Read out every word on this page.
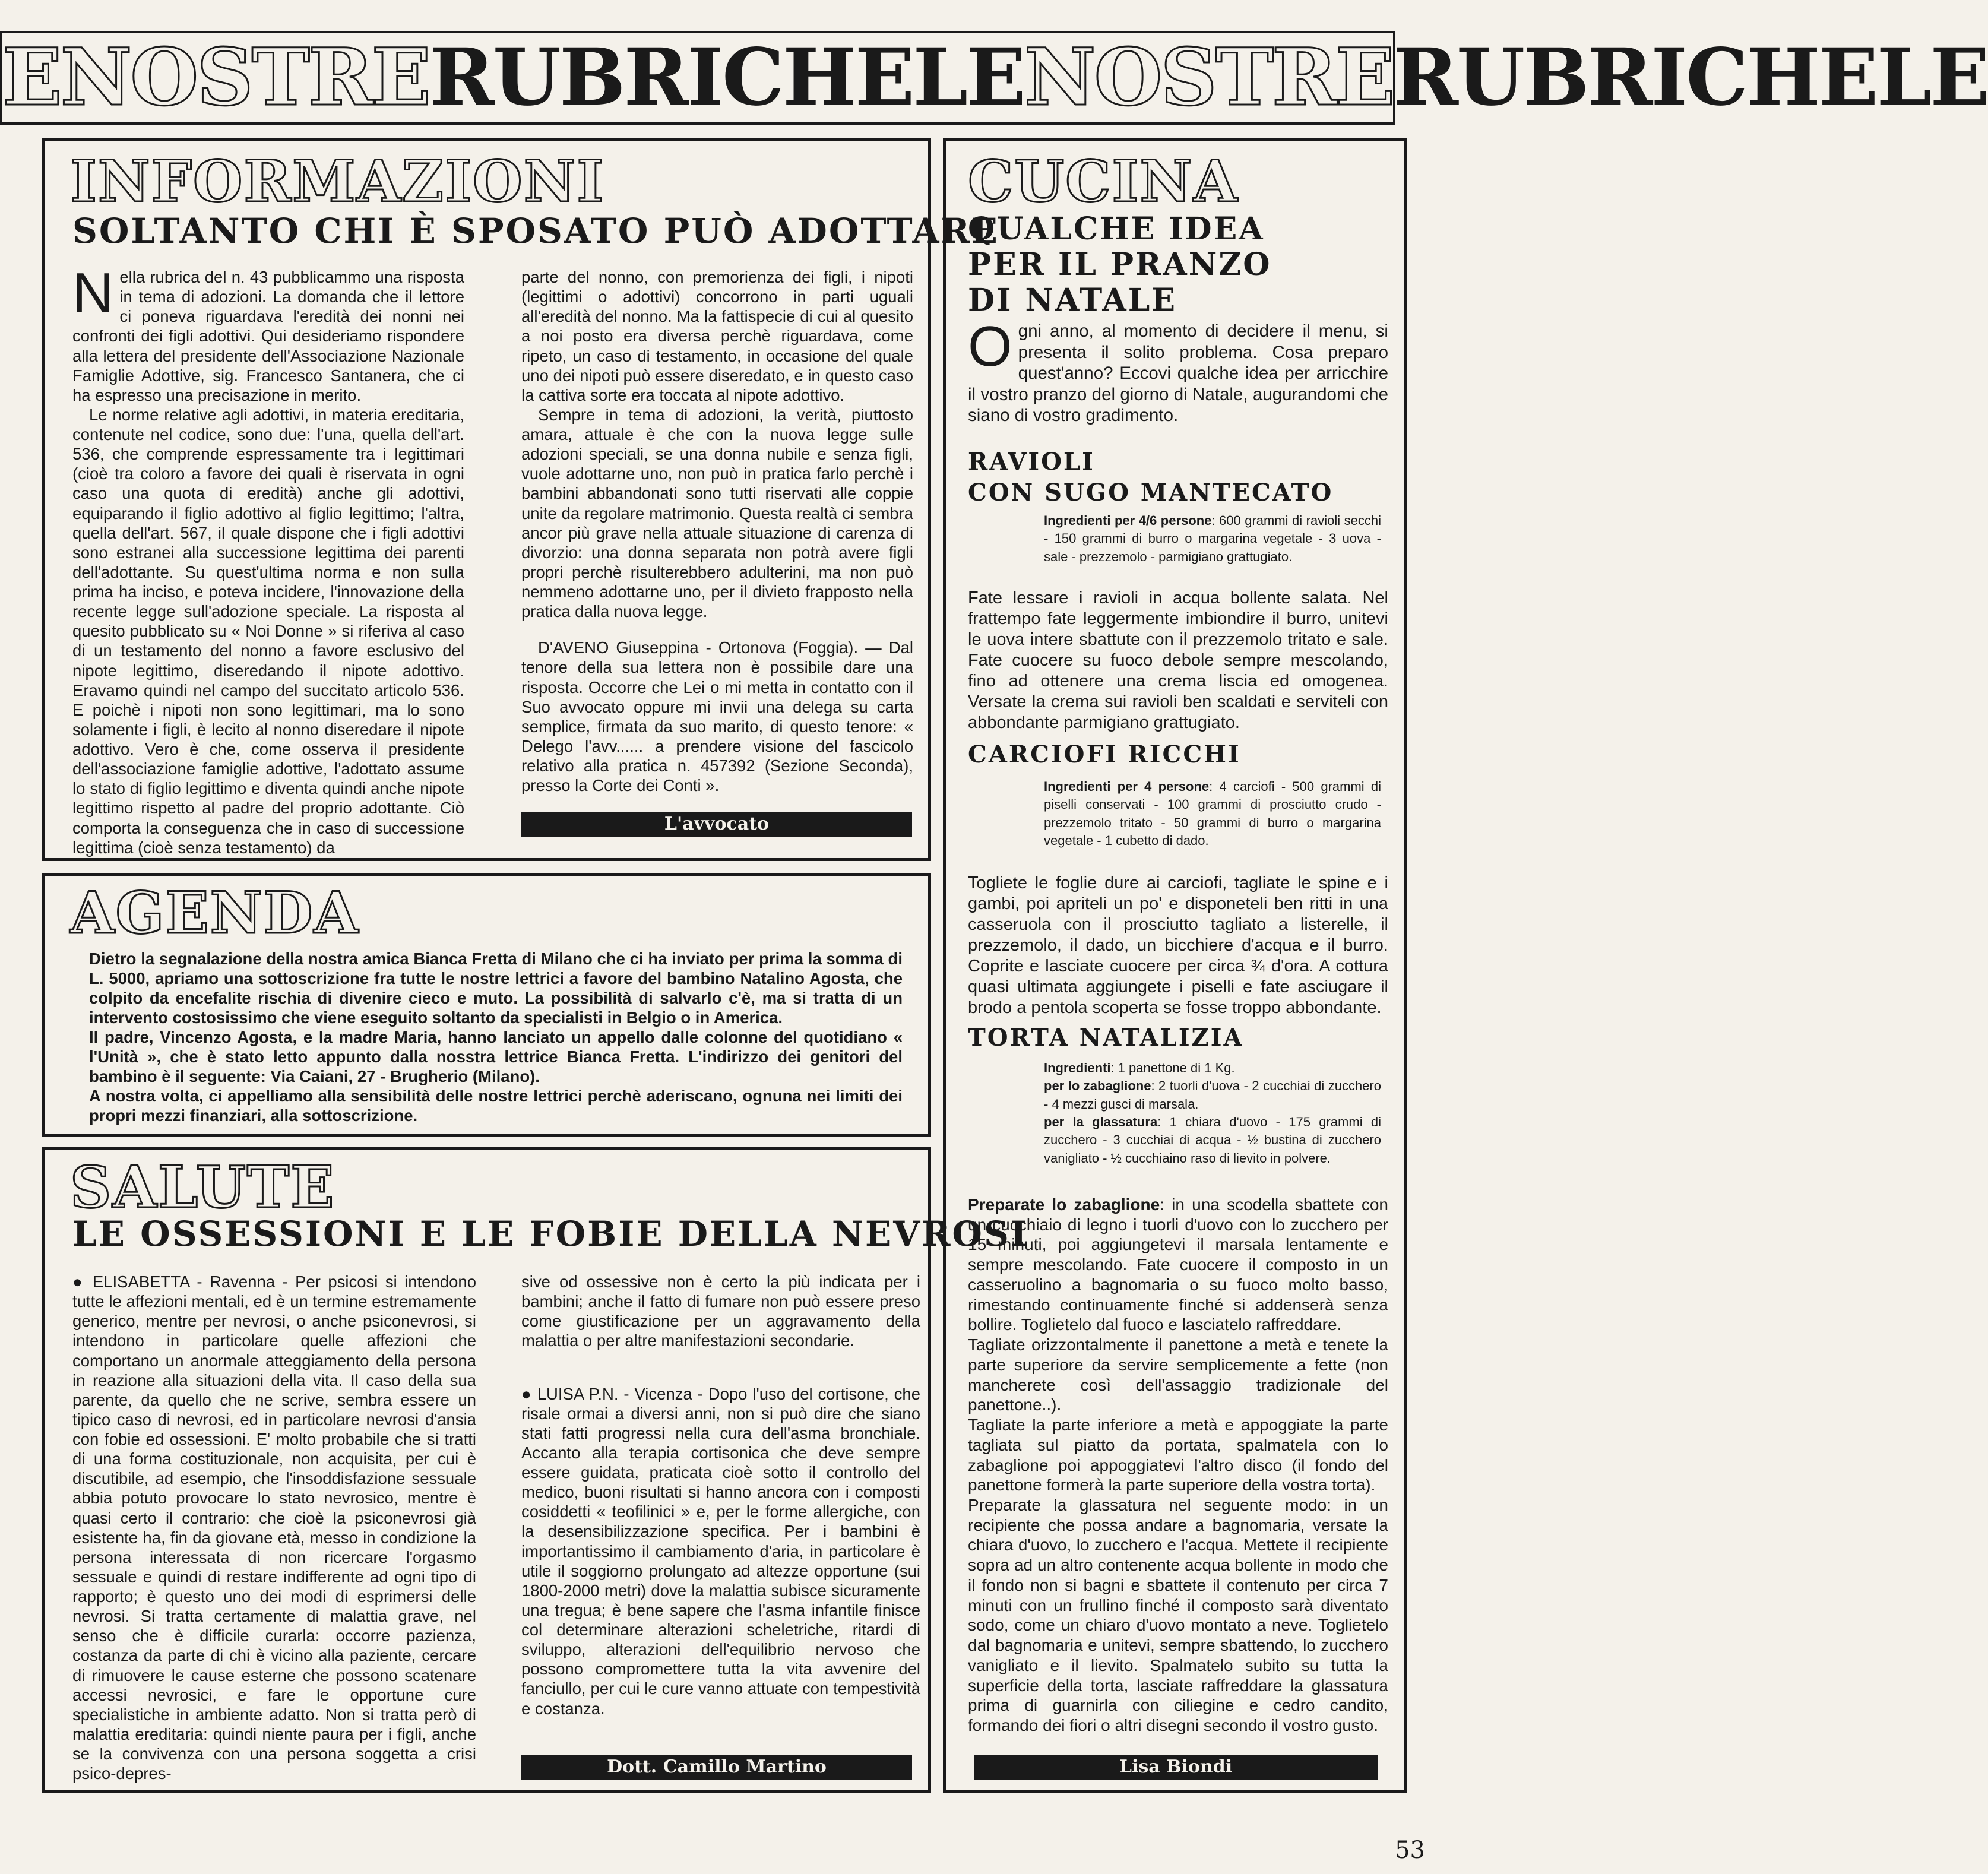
ENOSTRE RUBRICHELE NOSTRE RUBRICHELE
INFORMAZIONI
SOLTANTO CHI È SPOSATO PUÒ ADOTTARE

Nella rubrica del n. 43 pubblicammo una risposta in tema di adozioni. La domanda che il lettore ci poneva riguardava l'eredità dei nonni nei confronti dei figli adottivi. Qui desideriamo rispondere alla lettera del presidente dell'Associazione Nazionale Famiglie Adottive, sig. Francesco Santanera, che ci ha espresso una precisazione in merito.

Le norme relative agli adottivi, in materia ereditaria, contenute nel codice, sono due: l'una, quella dell'art. 536, che comprende espressamente tra i legittimari (cioè tra coloro a favore dei quali è riservata in ogni caso una quota di eredità) anche gli adottivi, equiparando il figlio adottivo al figlio legittimo; l'altra, quella dell'art. 567, il quale dispone che i figli adottivi sono estranei alla successione legittima dei parenti dell'adottante. Su quest'ultima norma e non sulla prima ha inciso, e poteva incidere, l'innovazione della recente legge sull'adozione speciale. La risposta al quesito pubblicato su « Noi Donne » si riferiva al caso di un testamento del nonno a favore esclusivo del nipote legittimo, diseredando il nipote adottivo. Eravamo quindi nel campo del succitato articolo 536. E poichè i nipoti non sono legittimari, ma lo sono solamente i figli, è lecito al nonno diseredare il nipote adottivo. Vero è che, come osserva il presidente dell'associazione famiglie adottive, l'adottato assume lo stato di figlio legittimo e diventa quindi anche nipote legittimo rispetto al padre del proprio adottante. Ciò comporta la conseguenza che in caso di successione legittima (cioè senza testamento) da

parte del nonno, con premorienza dei figli, i nipoti (legittimi o adottivi) concorrono in parti uguali all'eredità del nonno. Ma la fattispecie di cui al quesito a noi posto era diversa perchè riguardava, come ripeto, un caso di testamento, in occasione del quale uno dei nipoti può essere diseredato, e in questo caso la cattiva sorte era toccata al nipote adottivo.

Sempre in tema di adozioni, la verità, piuttosto amara, attuale è che con la nuova legge sulle adozioni speciali, se una donna nubile e senza figli, vuole adottarne uno, non può in pratica farlo perchè i bambini abbandonati sono tutti riservati alle coppie unite da regolare matrimonio. Questa realtà ci sembra ancor più grave nella attuale situazione di carenza di divorzio: una donna separata non potrà avere figli propri perchè risulterebbero adulterini, ma non può nemmeno adottarne uno, per il divieto frapposto nella pratica dalla nuova legge.

D'AVENO Giuseppina - Ortonova (Foggia). — Dal tenore della sua lettera non è possibile dare una risposta. Occorre che Lei o mi metta in contatto con il Suo avvocato oppure mi invii una delega su carta semplice, firmata da suo marito, di questo tenore: « Delego l'avv...... a prendere visione del fascicolo relativo alla pratica n. 457392 (Sezione Seconda), presso la Corte dei Conti ».

L'avvocato
AGENDA

Dietro la segnalazione della nostra amica Bianca Fretta di Milano che ci ha inviato per prima la somma di L. 5000, apriamo una sottoscrizione fra tutte le nostre lettrici a favore del bambino Natalino Agosta, che colpito da encefalite rischia di divenire cieco e muto. La possibilità di salvarlo c'è, ma si tratta di un intervento costosissimo che viene eseguito soltanto da specialisti in Belgio o in America.

Il padre, Vincenzo Agosta, e la madre Maria, hanno lanciato un appello dalle colonne del quotidiano « l'Unità », che è stato letto appunto dalla nosstra lettrice Bianca Fretta. L'indirizzo dei genitori del bambino è il seguente: Via Caiani, 27 - Brugherio (Milano).

A nostra volta, ci appelliamo alla sensibilità delle nostre lettrici perchè aderiscano, ognuna nei limiti dei propri mezzi finanziari, alla sottoscrizione.

SALUTE
LE OSSESSIONI E LE FOBIE DELLA NEVROSI

● ELISABETTA - Ravenna - Per psicosi si intendono tutte le affezioni mentali, ed è un termine estremamente generico, mentre per nevrosi, o anche psiconevrosi, si intendono in particolare quelle affezioni che comportano un anormale atteggiamento della persona in reazione alla situazioni della vita. Il caso della sua parente, da quello che ne scrive, sembra essere un tipico caso di nevrosi, ed in particolare nevrosi d'ansia con fobie ed ossessioni. E' molto probabile che si tratti di una forma costituzionale, non acquisita, per cui è discutibile, ad esempio, che l'insoddisfazione sessuale abbia potuto provocare lo stato nevrosico, mentre è quasi certo il contrario: che cioè la psiconevrosi già esistente ha, fin da giovane età, messo in condizione la persona interessata di non ricercare l'orgasmo sessuale e quindi di restare indifferente ad ogni tipo di rapporto; è questo uno dei modi di esprimersi delle nevrosi. Si tratta certamente di malattia grave, nel senso che è difficile curarla: occorre pazienza, costanza da parte di chi è vicino alla paziente, cercare di rimuovere le cause esterne che possono scatenare accessi nevrosici, e fare le opportune cure specialistiche in ambiente adatto. Non si tratta però di malattia ereditaria: quindi niente paura per i figli, anche se la convivenza con una persona soggetta a crisi psico-depres-

sive od ossessive non è certo la più indicata per i bambini; anche il fatto di fumare non può essere preso come giustificazione per un aggravamento della malattia o per altre manifestazioni secondarie.

● LUISA P.N. - Vicenza - Dopo l'uso del cortisone, che risale ormai a diversi anni, non si può dire che siano stati fatti progressi nella cura dell'asma bronchiale. Accanto alla terapia cortisonica che deve sempre essere guidata, praticata cioè sotto il controllo del medico, buoni risultati si hanno ancora con i composti cosiddetti « teofilinici » e, per le forme allergiche, con la desensibilizzazione specifica. Per i bambini è importantissimo il cambiamento d'aria, in particolare è utile il soggiorno prolungato ad altezze opportune (sui 1800-2000 metri) dove la malattia subisce sicuramente una tregua; è bene sapere che l'asma infantile finisce col determinare alterazioni scheletriche, ritardi di sviluppo, alterazioni dell'equilibrio nervoso che possono compromettere tutta la vita avvenire del fanciullo, per cui le cure vanno attuate con tempestività e costanza.

Dott. Camillo Martino
CUCINA
QUALCHE IDEA
PER IL PRANZO
DI NATALE

Ogni anno, al momento di decidere il menu, si presenta il solito problema. Cosa preparo quest'anno? Eccovi qualche idea per arricchire il vostro pranzo del giorno di Natale, augurandomi che siano di vostro gradimento.

RAVIOLI
CON SUGO MANTECATO
Ingredienti per 4/6 persone: 600 grammi di ravioli secchi - 150 grammi di burro o margarina vegetale - 3 uova - sale - prezzemolo - parmigiano grattugiato.

Fate lessare i ravioli in acqua bollente salata. Nel frattempo fate leggermente imbiondire il burro, unitevi le uova intere sbattute con il prezzemolo tritato e sale. Fate cuocere su fuoco debole sempre mescolando, fino ad ottenere una crema liscia ed omogenea. Versate la crema sui ravioli ben scaldati e serviteli con abbondante parmigiano grattugiato.

CARCIOFI RICCHI
Ingredienti per 4 persone: 4 carciofi - 500 grammi di piselli conservati - 100 grammi di prosciutto crudo - prezzemolo tritato - 50 grammi di burro o margarina vegetale - 1 cubetto di dado.

Togliete le foglie dure ai carciofi, tagliate le spine e i gambi, poi apriteli un po' e disponeteli ben ritti in una casseruola con il prosciutto tagliato a listerelle, il prezzemolo, il dado, un bicchiere d'acqua e il burro. Coprite e lasciate cuocere per circa ¾ d'ora. A cottura quasi ultimata aggiungete i piselli e fate asciugare il brodo a pentola scoperta se fosse troppo abbondante.

TORTA NATALIZIA
Ingredienti: 1 panettone di 1 Kg.
per lo zabaglione: 2 tuorli d'uova - 2 cucchiai di zucchero - 4 mezzi gusci di marsala.
per la glassatura: 1 chiara d'uovo - 175 grammi di zucchero - 3 cucchiai di acqua - ½ bustina di zucchero vanigliato - ½ cucchiaino raso di lievito in polvere.

Preparate lo zabaglione: in una scodella sbattete con un cucchiaio di legno i tuorli d'uovo con lo zucchero per 15 minuti, poi aggiungetevi il marsala lentamente e sempre mescolando. Fate cuocere il composto in un casseruolino a bagnomaria o su fuoco molto basso, rimestando continuamente finché si addenserà senza bollire. Toglietelo dal fuoco e lasciatelo raffreddare.

Tagliate orizzontalmente il panettone a metà e tenete la parte superiore da servire semplicemente a fette (non mancherete così dell'assaggio tradizionale del panettone..).

Tagliate la parte inferiore a metà e appoggiate la parte tagliata sul piatto da portata, spalmatela con lo zabaglione poi appoggiatevi l'altro disco (il fondo del panettone formerà la parte superiore della vostra torta).

Preparate la glassatura nel seguente modo: in un recipiente che possa andare a bagnomaria, versate la chiara d'uovo, lo zucchero e l'acqua. Mettete il recipiente sopra ad un altro contenente acqua bollente in modo che il fondo non si bagni e sbattete il contenuto per circa 7 minuti con un frullino finché il composto sarà diventato sodo, come un chiaro d'uovo montato a neve. Toglietelo dal bagnomaria e unitevi, sempre sbattendo, lo zucchero vanigliato e il lievito. Spalmatelo subito su tutta la superficie della torta, lasciate raffreddare la glassatura prima di guarnirla con ciliegine e cedro candito, formando dei fiori o altri disegni secondo il vostro gusto.

Lisa Biondi
53
